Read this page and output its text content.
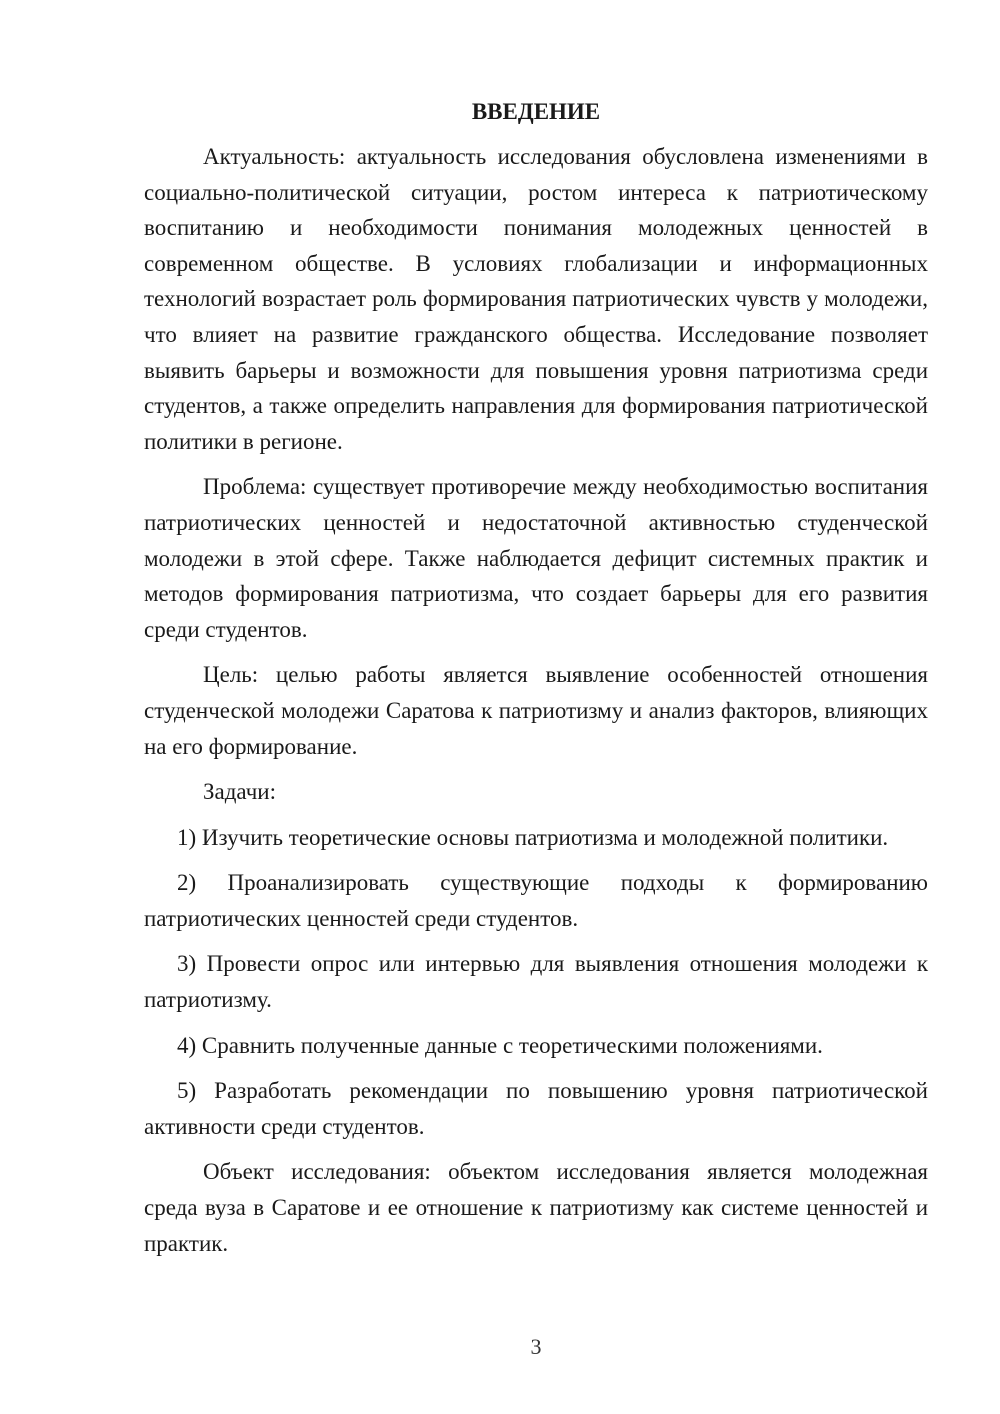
ВВЕДЕНИЕ

Актуальность: актуальность исследования обусловлена изменениями в социально-политической ситуации, ростом интереса к патриотическому воспитанию и необходимости понимания молодежных ценностей в современном обществе. В условиях глобализации и информационных технологий возрастает роль формирования патриотических чувств у молодежи, что влияет на развитие гражданского общества. Исследование позволяет выявить барьеры и возможности для повышения уровня патриотизма среди студентов, а также определить направления для формирования патриотической политики в регионе.

Проблема: существует противоречие между необходимостью воспитания патриотических ценностей и недостаточной активностью студенческой молодежи в этой сфере. Также наблюдается дефицит системных практик и методов формирования патриотизма, что создает барьеры для его развития среди студентов.

Цель: целью работы является выявление особенностей отношения студенческой молодежи Саратова к патриотизму и анализ факторов, влияющих на его формирование.

Задачи:

1) Изучить теоретические основы патриотизма и молодежной политики.

2) Проанализировать существующие подходы к формированию патриотических ценностей среди студентов.

3) Провести опрос или интервью для выявления отношения молодежи к патриотизму.

4) Сравнить полученные данные с теоретическими положениями.

5) Разработать рекомендации по повышению уровня патриотической активности среди студентов.

Объект исследования: объектом исследования является молодежная среда вуза в Саратове и ее отношение к патриотизму как системе ценностей и практик.

3
